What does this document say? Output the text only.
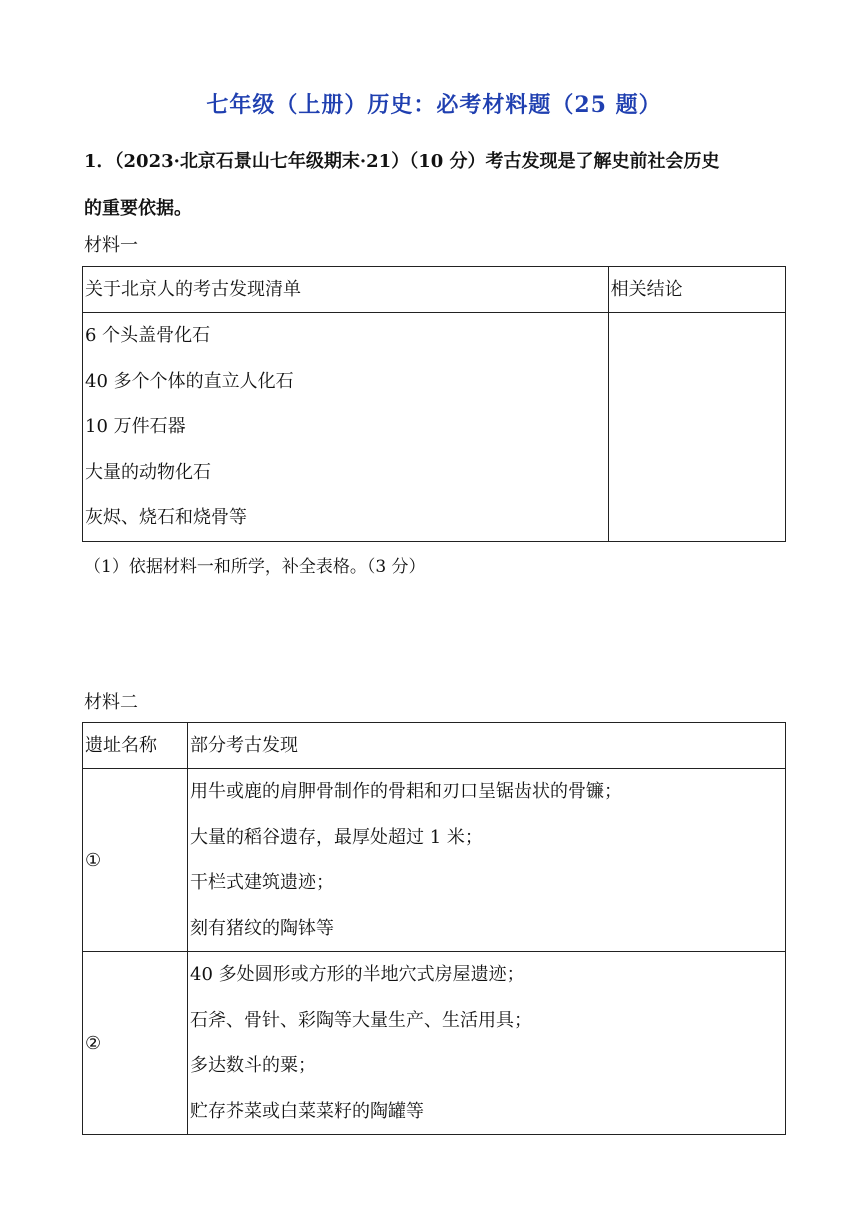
七年级（上册）历史：必考材料题（25 题）
1．（2023·北京石景山七年级期末·21）（10 分）考古发现是了解史前社会历史
的重要依据。
材料一
关于北京人的考古发现清单	相关结论

6 个头盖骨化石
40 多个个体的直立人化石
10 万件石器
大量的动物化石
灰烬、烧石和烧骨等	

（1）依据材料一和所学，补全表格。（3 分）
材料二
遗址名称	部分考古发现
①	用牛或鹿的肩胛骨制作的骨耜和刃口呈锯齿状的骨镰；
大量的稻谷遗存，最厚处超过 1 米；
干栏式建筑遗迹；
刻有猪纹的陶钵等

②	40 多处圆形或方形的半地穴式房屋遗迹；
石斧、骨针、彩陶等大量生产、生活用具；
多达数斗的粟；
贮存芥菜或白菜菜籽的陶罐等
